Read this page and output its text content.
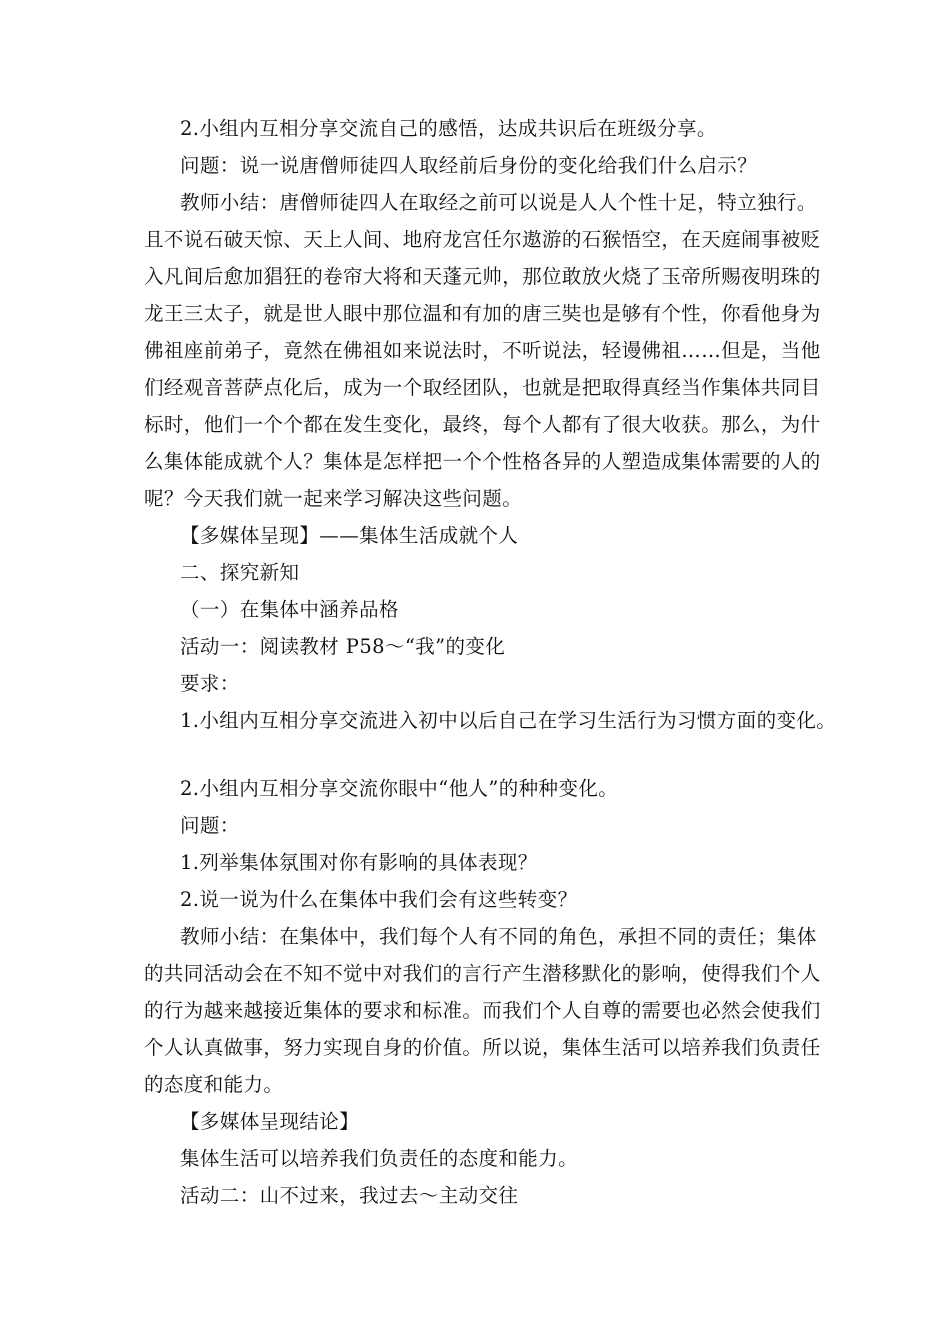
2.小组内互相分享交流自己的感悟，达成共识后在班级分享。
问题：说一说唐僧师徒四人取经前后身份的变化给我们什么启示？
教师小结：唐僧师徒四人在取经之前可以说是人人个性十足，特立独行。
且不说石破天惊、天上人间、地府龙宫任尔遨游的石猴悟空，在天庭闹事被贬
入凡间后愈加猖狂的卷帘大将和天蓬元帅，那位敢放火烧了玉帝所赐夜明珠的
龙王三太子，就是世人眼中那位温和有加的唐三奘也是够有个性，你看他身为
佛祖座前弟子，竟然在佛祖如来说法时，不听说法，轻谩佛祖……但是，当他
们经观音菩萨点化后，成为一个取经团队，也就是把取得真经当作集体共同目
标时，他们一个个都在发生变化，最终，每个人都有了很大收获。那么，为什
么集体能成就个人？集体是怎样把一个个性格各异的人塑造成集体需要的人的
呢？今天我们就一起来学习解决这些问题。
【多媒体呈现】——集体生活成就个人
二、探究新知
（一）在集体中涵养品格
活动一：阅读教材 P58～“我”的变化
要求：
1.小组内互相分享交流进入初中以后自己在学习生活行为习惯方面的变化。
2.小组内互相分享交流你眼中“他人”的种种变化。
问题：
1.列举集体氛围对你有影响的具体表现？
2.说一说为什么在集体中我们会有这些转变？
教师小结：在集体中，我们每个人有不同的角色，承担不同的责任；集体
的共同活动会在不知不觉中对我们的言行产生潜移默化的影响，使得我们个人
的行为越来越接近集体的要求和标准。而我们个人自尊的需要也必然会使我们
个人认真做事，努力实现自身的价值。所以说，集体生活可以培养我们负责任
的态度和能力。
【多媒体呈现结论】
集体生活可以培养我们负责任的态度和能力。
活动二：山不过来，我过去～主动交往
